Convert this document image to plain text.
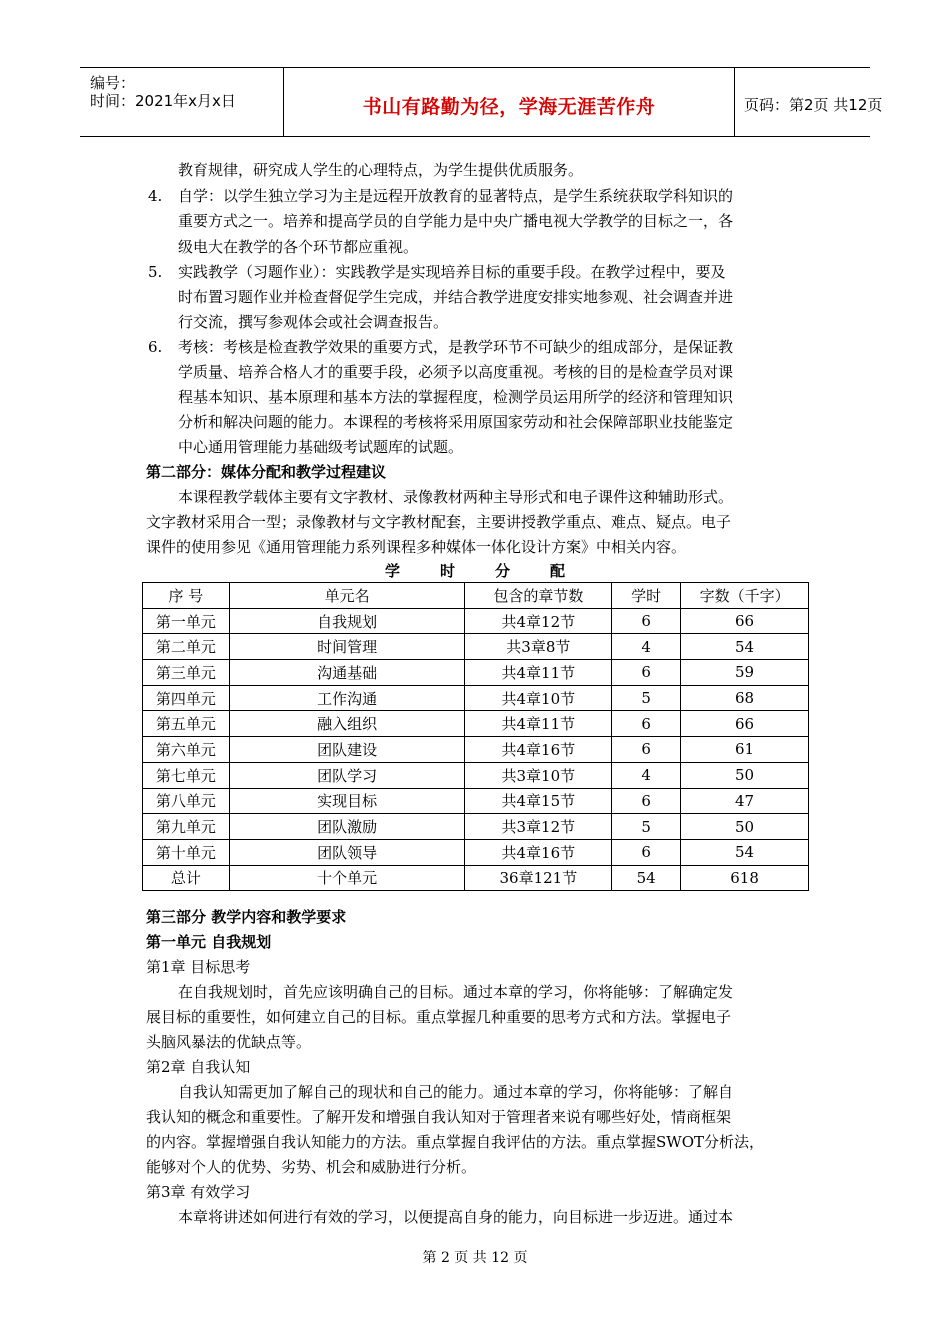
编号：
时间：2021年x月x日	书山有路勤为径，学海无涯苦作舟	页码：第2页 共12页
教育规律，研究成人学生的心理特点，为学生提供优质服务。
4. 自学：以学生独立学习为主是远程开放教育的显著特点，是学生系统获取学科知识的
重要方式之一。培养和提高学员的自学能力是中央广播电视大学教学的目标之一，各
级电大在教学的各个环节都应重视。
5. 实践教学（习题作业）：实践教学是实现培养目标的重要手段。在教学过程中，要及
时布置习题作业并检查督促学生完成，并结合教学进度安排实地参观、社会调查并进
行交流，撰写参观体会或社会调查报告。
6. 考核：考核是检查教学效果的重要方式，是教学环节不可缺少的组成部分，是保证教
学质量、培养合格人才的重要手段，必须予以高度重视。考核的目的是检查学员对课
程基本知识、基本原理和基本方法的掌握程度，检测学员运用所学的经济和管理知识
分析和解决问题的能力。本课程的考核将采用原国家劳动和社会保障部职业技能鉴定
中心通用管理能力基础级考试题库的试题。
第二部分：媒体分配和教学过程建议
本课程教学载体主要有文字教材、录像教材两种主导形式和电子课件这种辅助形式。
文字教材采用合一型；录像教材与文字教材配套，主要讲授教学重点、难点、疑点。电子
课件的使用参见《通用管理能力系列课程多种媒体一体化设计方案》中相关内容。
学	时	分	配
序 号	单元名	包含的章节数	学时	字数（千字）
第一单元	自我规划	共4章12节	6	66
第二单元	时间管理	共3章8节	4	54
第三单元	沟通基础	共4章11节	6	59
第四单元	工作沟通	共4章10节	5	68
第五单元	融入组织	共4章11节	6	66
第六单元	团队建设	共4章16节	6	61
第七单元	团队学习	共3章10节	4	50
第八单元	实现目标	共4章15节	6	47
第九单元	团队激励	共3章12节	5	50
第十单元	团队领导	共4章16节	6	54
总计	十个单元	36章121节	54	618
第三部分 教学内容和教学要求
第一单元 自我规划
第1章 目标思考
在自我规划时，首先应该明确自己的目标。通过本章的学习，你将能够：了解确定发
展目标的重要性，如何建立自己的目标。重点掌握几种重要的思考方式和方法。掌握电子
头脑风暴法的优缺点等。
第2章 自我认知
自我认知需更加了解自己的现状和自己的能力。通过本章的学习，你将能够：了解自
我认知的概念和重要性。了解开发和增强自我认知对于管理者来说有哪些好处，情商框架
的内容。掌握增强自我认知能力的方法。重点掌握自我评估的方法。重点掌握SWOT分析法，
能够对个人的优势、劣势、机会和威胁进行分析。
第3章 有效学习
本章将讲述如何进行有效的学习，以便提高自身的能力，向目标进一步迈进。通过本
第 2 页 共 12 页
